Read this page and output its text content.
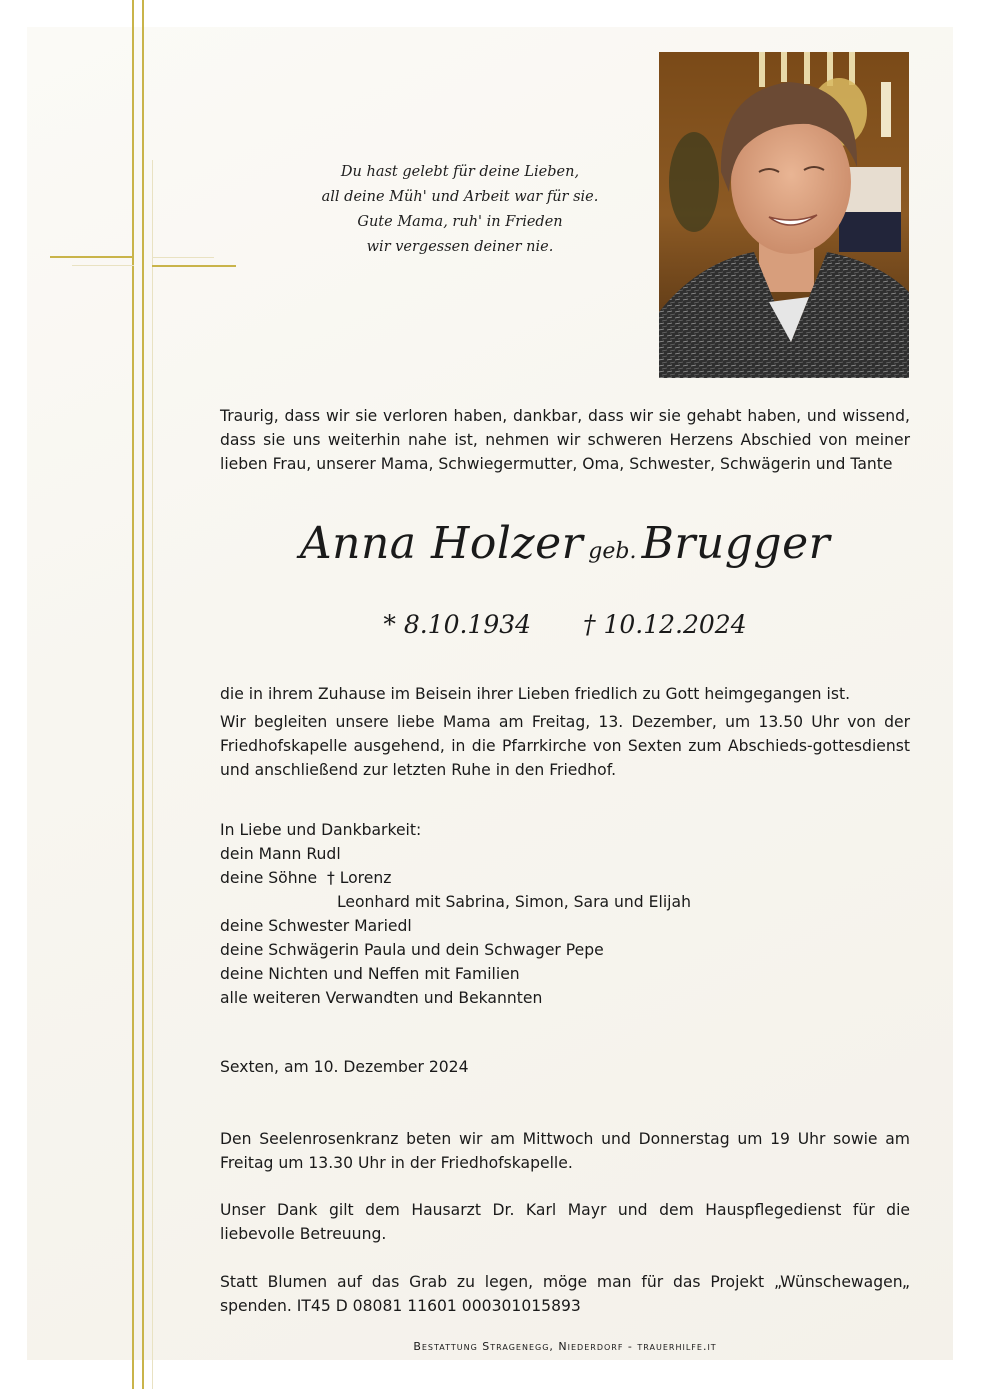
Du hast gelebt für deine Lieben,
all deine Müh' und Arbeit war für sie.
Gute Mama, ruh' in Frieden
wir vergessen deiner nie.
Traurig, dass wir sie verloren haben, dankbar, dass wir sie gehabt haben, und wissend, dass sie uns weiterhin nahe ist, nehmen wir schweren Herzens Abschied von meiner lieben Frau, unserer Mama, Schwiegermutter, Oma, Schwester, Schwägerin und Tante
Anna Holzer geb. Brugger
* 8.10.1934 † 10.12.2024
die in ihrem Zuhause im Beisein ihrer Lieben friedlich zu Gott heimgegangen ist.
Wir begleiten unsere liebe Mama am Freitag, 13. Dezember, um 13.50 Uhr von der Friedhofskapelle ausgehend, in die Pfarrkirche von Sexten zum Abschieds-gottesdienst und anschließend zur letzten Ruhe in den Friedhof.
In Liebe und Dankbarkeit:
dein Mann Rudl
deine Söhne  † Lorenz
Leonhard mit Sabrina, Simon, Sara und Elijah
deine Schwester Mariedl
deine Schwägerin Paula und dein Schwager Pepe
deine Nichten und Neffen mit Familien
alle weiteren Verwandten und Bekannten
Sexten, am 10. Dezember 2024
Den Seelenrosenkranz beten wir am Mittwoch und Donnerstag um 19 Uhr sowie am Freitag um 13.30 Uhr in der Friedhofskapelle.
Unser Dank gilt dem Hausarzt Dr. Karl Mayr und dem Hauspflegedienst für die liebevolle Betreuung.
Statt Blumen auf das Grab zu legen, möge man für das Projekt „Wünschewagen„ spenden. IT45 D 08081 11601 000301015893
Bestattung Stragenegg, Niederdorf - trauerhilfe.it
